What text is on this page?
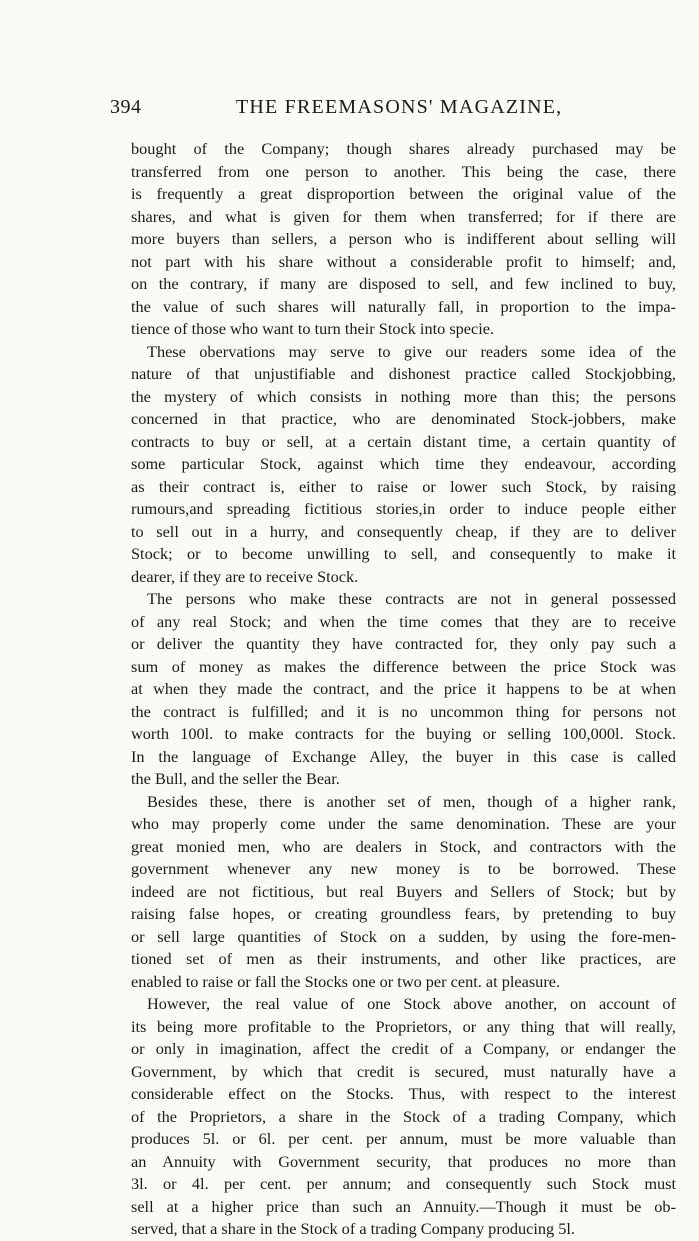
394	THE FREEMASONS' MAGAZINE,
bought of the Company; though shares already purchased may be
transferred from one person to another. This being the case, there
is frequently a great disproportion between the original value of the
shares, and what is given for them when transferred; for if there are
more buyers than sellers, a person who is indifferent about selling will
not part with his share without a considerable profit to himself; and,
on the contrary, if many are disposed to sell, and few inclined to buy,
the value of such shares will naturally fall, in proportion to the impa-
tience of those who want to turn their Stock into specie.
These obervations may serve to give our readers some idea of the
nature of that unjustifiable and dishonest practice called Stockjobbing,
the mystery of which consists in nothing more than this; the persons
concerned in that practice, who are denominated Stock-jobbers, make
contracts to buy or sell, at a certain distant time, a certain quantity of
some particular Stock, against which time they endeavour, according
as their contract is, either to raise or lower such Stock, by raising
rumours,and spreading fictitious stories,in order to induce people either
to sell out in a hurry, and consequently cheap, if they are to deliver
Stock; or to become unwilling to sell, and consequently to make it
dearer, if they are to receive Stock.
The persons who make these contracts are not in general possessed
of any real Stock; and when the time comes that they are to receive
or deliver the quantity they have contracted for, they only pay such a
sum of money as makes the difference between the price Stock was
at when they made the contract, and the price it happens to be at when
the contract is fulfilled; and it is no uncommon thing for persons not
worth 100l. to make contracts for the buying or selling 100,000l. Stock.
In the language of Exchange Alley, the buyer in this case is called
the Bull, and the seller the Bear.
Besides these, there is another set of men, though of a higher rank,
who may properly come under the same denomination. These are your
great monied men, who are dealers in Stock, and contractors with the
government whenever any new money is to be borrowed. These
indeed are not fictitious, but real Buyers and Sellers of Stock; but by
raising false hopes, or creating groundless fears, by pretending to buy
or sell large quantities of Stock on a sudden, by using the fore-men-
tioned set of men as their instruments, and other like practices, are
enabled to raise or fall the Stocks one or two per cent. at pleasure.
However, the real value of one Stock above another, on account of
its being more profitable to the Proprietors, or any thing that will really,
or only in imagination, affect the credit of a Company, or endanger the
Government, by which that credit is secured, must naturally have a
considerable effect on the Stocks. Thus, with respect to the interest
of the Proprietors, a share in the Stock of a trading Company, which
produces 5l. or 6l. per cent. per annum, must be more valuable than
an Annuity with Government security, that produces no more than
3l. or 4l. per cent. per annum; and consequently such Stock must
sell at a higher price than such an Annuity.—Though it must be ob-
served, that a share in the Stock of a trading Company producing 5l.
